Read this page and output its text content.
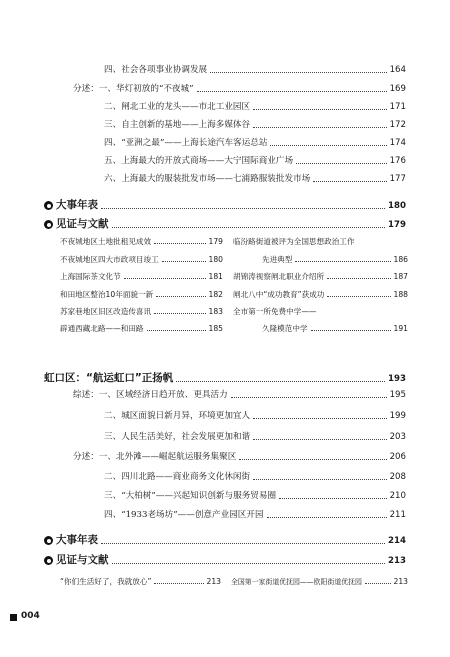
四、社会各项事业协调发展	164
分述：一、华灯初放的“不夜城”	169
二、闸北工业的龙头——市北工业园区	171
三、自主创新的基地——上海多媒体谷	172
四、“亚洲之最”——上海长途汽车客运总站	174
五、上海最大的开放式商场——大宁国际商业广场	176
六、上海最大的服装批发市场——七浦路服装批发市场	177
大事年表	180
见证与文献	179
不夜城地区土地批租见成效	179
不夜城地区四大市政项目竣工	180
上海国际茶文化节	181
和田地区整治10年面貌一新	182
苏家巷地区旧区改造传喜讯	183
辟通西藏北路——和田路	185
临汾路街道被评为全国思想政治工作
先进典型	186
胡锦涛视察闸北职业介绍所	187
闸北八中“成功教育”获成功	188
全市第一所免费中学——
久隆模范中学	191
虹口区：“航运虹口”正扬帆	193
综述：一、区域经济日趋开放、更具活力	195
二、城区面貌日新月异，环境更加宜人	199
三、人民生活美好，社会发展更加和谐	203
分述：一、北外滩——崛起航运服务集聚区	206
二、四川北路——商业商务文化休闲街	208
三、“大柏树”——兴起知识创新与服务贸易圈	210
四、“1933老场坊”——创意产业园区开园	211
大事年表	214
见证与文献	213
“你们生活好了，我就放心”	213 全国第一家街道优抚园——欧阳街道优抚园	213
004
